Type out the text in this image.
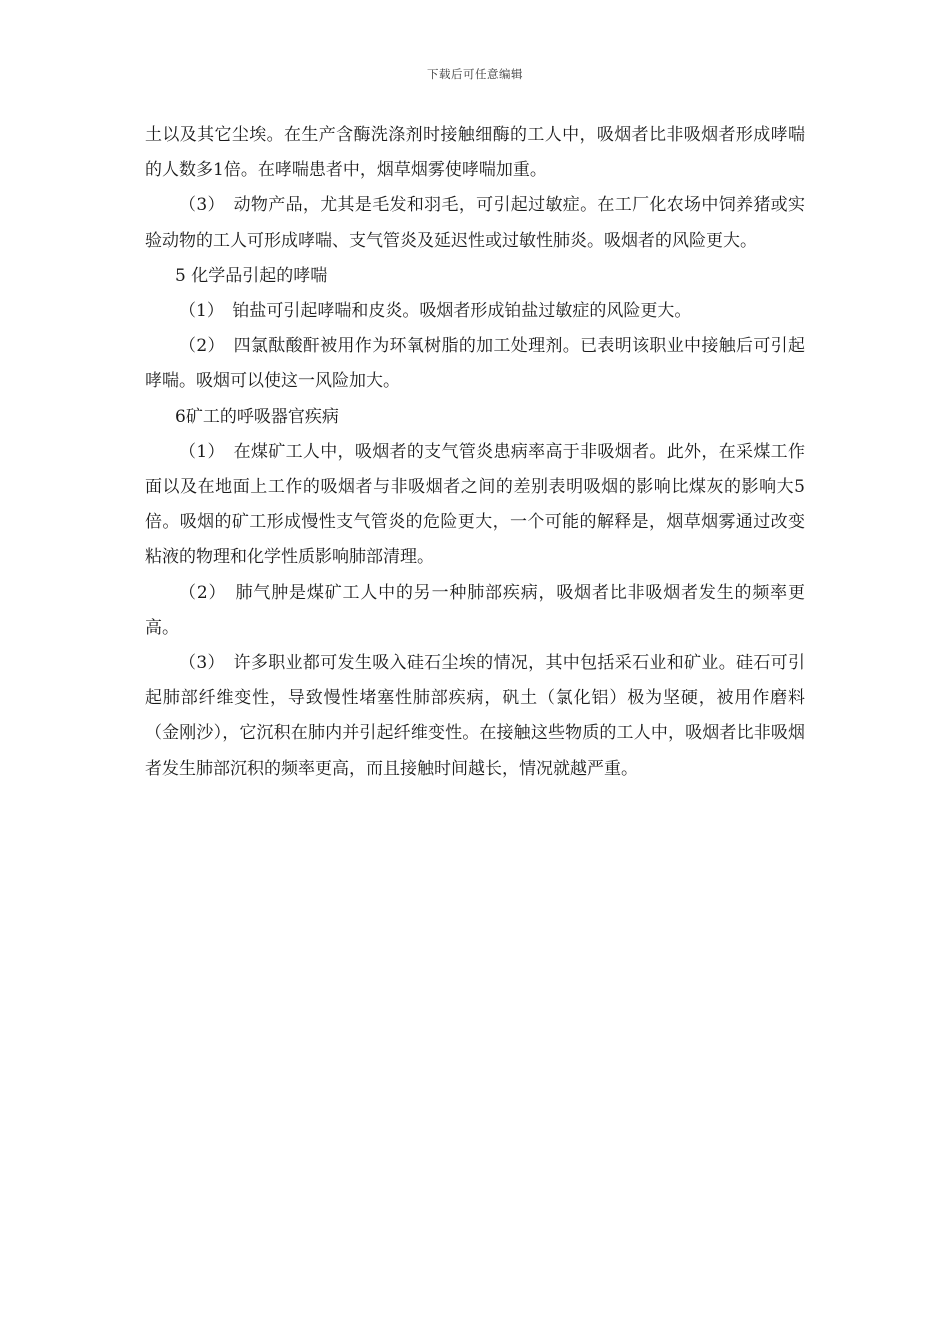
下载后可任意编辑

土以及其它尘埃。在生产含酶洗涤剂时接触细酶的工人中，吸烟者比非吸烟者形成哮喘的人数多1倍。在哮喘患者中，烟草烟雾使哮喘加重。

（3）　动物产品，尤其是毛发和羽毛，可引起过敏症。在工厂化农场中饲养猪或实验动物的工人可形成哮喘、支气管炎及延迟性或过敏性肺炎。吸烟者的风险更大。

5 化学品引起的哮喘

（1）　铂盐可引起哮喘和皮炎。吸烟者形成铂盐过敏症的风险更大。

（2）　四氯酞酸酐被用作为环氧树脂的加工处理剂。已表明该职业中接触后可引起哮喘。吸烟可以使这一风险加大。

6矿工的呼吸器官疾病

（1）　在煤矿工人中，吸烟者的支气管炎患病率高于非吸烟者。此外，在采煤工作面以及在地面上工作的吸烟者与非吸烟者之间的差别表明吸烟的影响比煤灰的影响大5倍。吸烟的矿工形成慢性支气管炎的危险更大，一个可能的解释是，烟草烟雾通过改变粘液的物理和化学性质影响肺部清理。

（2）　肺气肿是煤矿工人中的另一种肺部疾病，吸烟者比非吸烟者发生的频率更高。

（3）　许多职业都可发生吸入硅石尘埃的情况，其中包括采石业和矿业。硅石可引起肺部纤维变性，导致慢性堵塞性肺部疾病，矾土（氯化铝）极为坚硬，被用作磨料（金刚沙），它沉积在肺内并引起纤维变性。在接触这些物质的工人中，吸烟者比非吸烟者发生肺部沉积的频率更高，而且接触时间越长，情况就越严重。
